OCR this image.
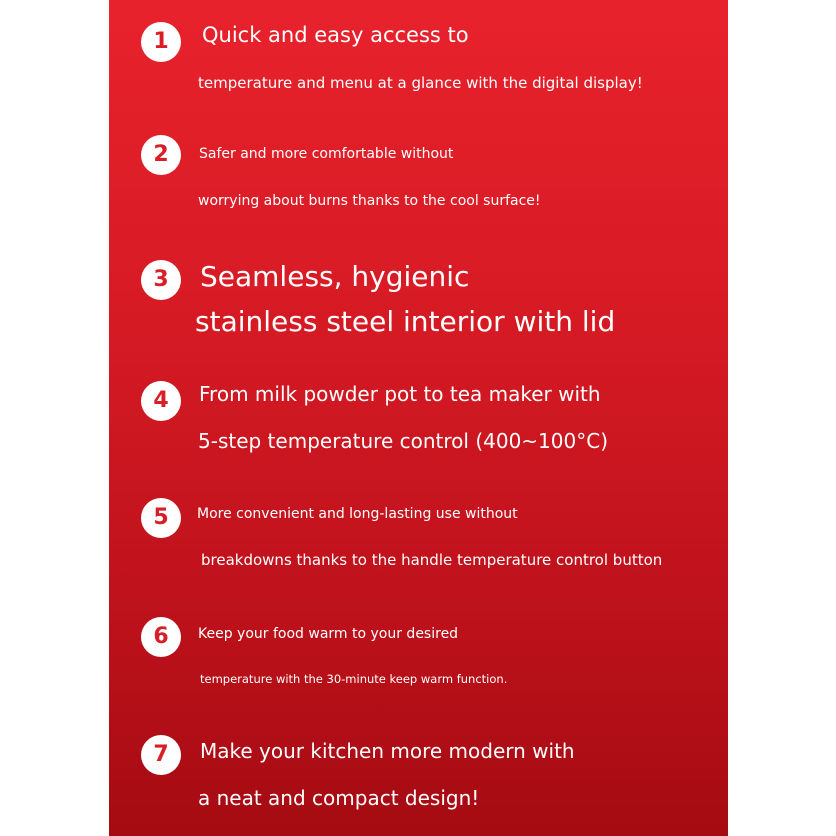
1	Quick and easy access to
temperature and menu at a glance with the digital display!
2	Safer and more comfortable without
worrying about burns thanks to the cool surface!
3	Seamless, hygienic
stainless steel interior with lid
4	From milk powder pot to tea maker with
5-step temperature control (400~100°C)
5	More convenient and long-lasting use without
breakdowns thanks to the handle temperature control button
6	Keep your food warm to your desired
temperature with the 30-minute keep warm function.
7	Make your kitchen more modern with
a neat and compact design!
